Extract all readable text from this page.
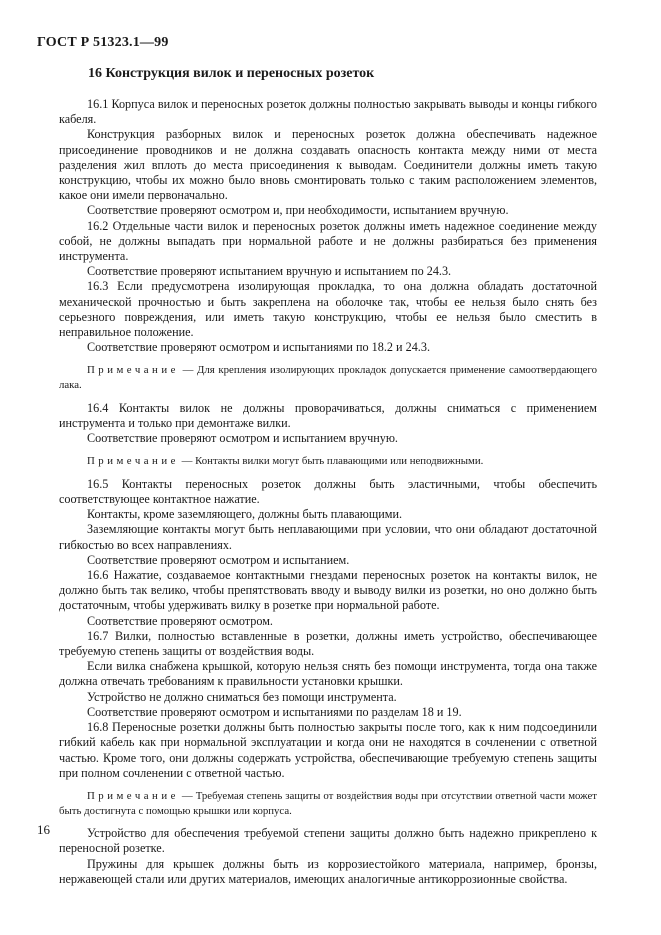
ГОСТ Р 51323.1—99
16 Конструкция вилок и переносных розеток

16.1 Корпуса вилок и переносных розеток должны полностью закрывать выводы и концы гибкого кабеля.

Конструкция разборных вилок и переносных розеток должна обеспечивать надежное присоединение проводников и не должна создавать опасность контакта между ними от места разделения жил вплоть до места присоединения к выводам. Соединители должны иметь такую конструкцию, чтобы их можно было вновь смонтировать только с таким расположением элементов, какое они имели первоначально.

Соответствие проверяют осмотром и, при необходимости, испытанием вручную.

16.2 Отдельные части вилок и переносных розеток должны иметь надежное соединение между собой, не должны выпадать при нормальной работе и не должны разбираться без применения инструмента.

Соответствие проверяют испытанием вручную и испытанием по 24.3.

16.3 Если предусмотрена изолирующая прокладка, то она должна обладать достаточной механической прочностью и быть закреплена на оболочке так, чтобы ее нельзя было снять без серьезного повреждения, или иметь такую конструкцию, чтобы ее нельзя было сместить в неправильное положение.

Соответствие проверяют осмотром и испытаниями по 18.2 и 24.3.

Примечание — Для крепления изолирующих прокладок допускается применение самоотвердающего лака.

16.4 Контакты вилок не должны проворачиваться, должны сниматься с применением инструмента и только при демонтаже вилки.

Соответствие проверяют осмотром и испытанием вручную.

Примечание — Контакты вилки могут быть плавающими или неподвижными.

16.5 Контакты переносных розеток должны быть эластичными, чтобы обеспечить соответствующее контактное нажатие.

Контакты, кроме заземляющего, должны быть плавающими.

Заземляющие контакты могут быть неплавающими при условии, что они обладают достаточной гибкостью во всех направлениях.

Соответствие проверяют осмотром и испытанием.

16.6 Нажатие, создаваемое контактными гнездами переносных розеток на контакты вилок, не должно быть так велико, чтобы препятствовать вводу и выводу вилки из розетки, но оно должно быть достаточным, чтобы удерживать вилку в розетке при нормальной работе.

Соответствие проверяют осмотром.

16.7 Вилки, полностью вставленные в розетки, должны иметь устройство, обеспечивающее требуемую степень защиты от воздействия воды.

Если вилка снабжена крышкой, которую нельзя снять без помощи инструмента, тогда она также должна отвечать требованиям к правильности установки крышки.

Устройство не должно сниматься без помощи инструмента.

Соответствие проверяют осмотром и испытаниями по разделам 18 и 19.

16.8 Переносные розетки должны быть полностью закрыты после того, как к ним подсоединили гибкий кабель как при нормальной эксплуатации и когда они не находятся в сочленении с ответной частью. Кроме того, они должны содержать устройства, обеспечивающие требуемую степень защиты при полном сочленении с ответной частью.

Примечание — Требуемая степень защиты от воздействия воды при отсутствии ответной части может быть достигнута с помощью крышки или корпуса.

Устройство для обеспечения требуемой степени защиты должно быть надежно прикреплено к переносной розетке.

Пружины для крышек должны быть из коррозиестойкого материала, например, бронзы, нержавеющей стали или других материалов, имеющих аналогичные антикоррозионные свойства.

16
